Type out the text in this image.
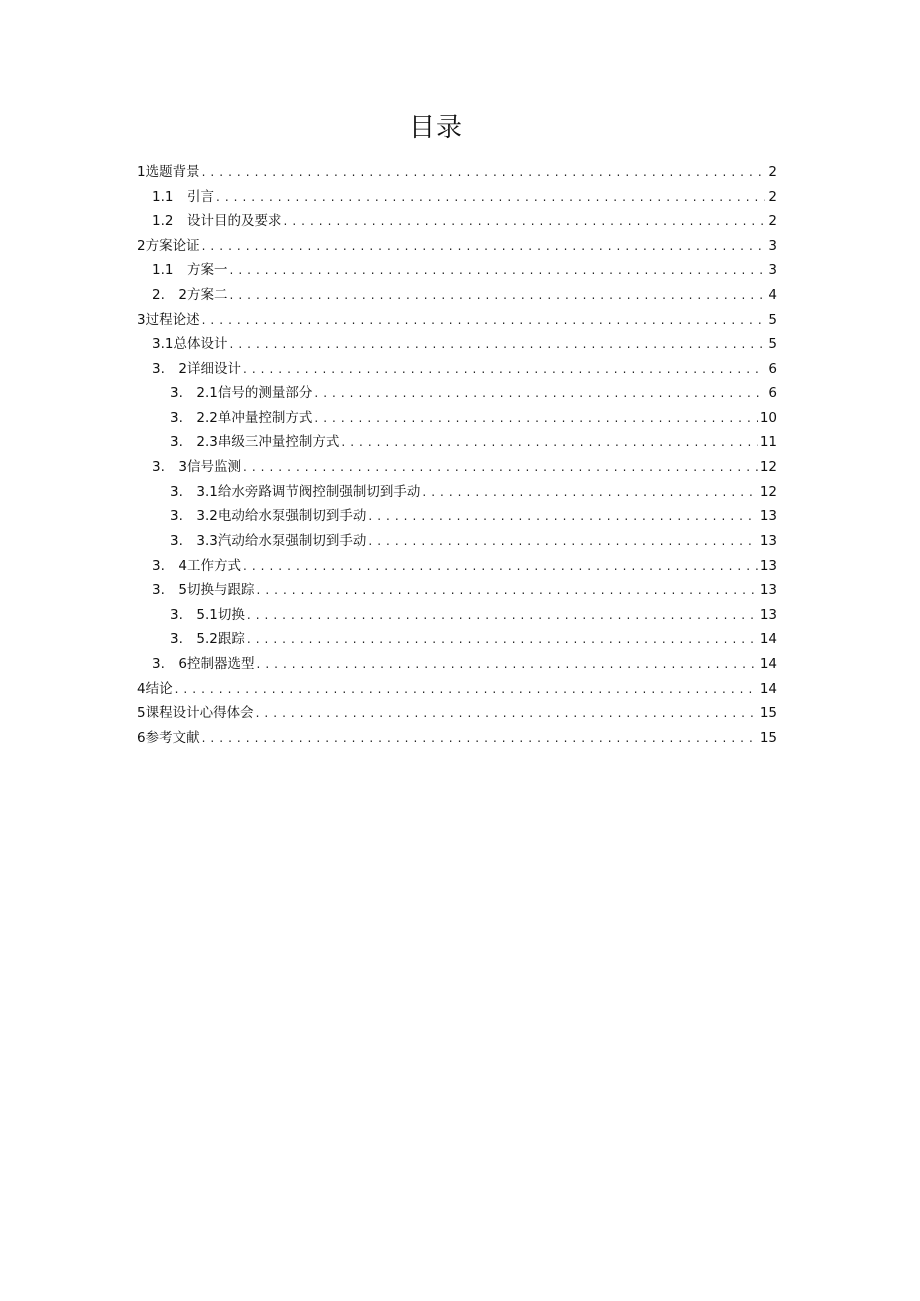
目录
1 选题背景 . . .	2
1.1　 引言 . . .	2
1.2　 设计目的及要求 . . .	2
2 方案论证 . . .	3
1.1　 方案一 . . .	3
2.　2 方案二 . . .	4
3 过程论述 . . .	5
3.1 总体设计 . . .	5
3.　2 详细设计 . . .	6
3.　2.1 信号的测量部分 . . .	6
3.　2.2 单冲量控制方式 . . .	10
3.　2.3 串级三冲量控制方式 . . .	11
3.　3 信号监测 . . .	12
3.　3.1 给水旁路调节阀控制强制切到手动 . . .	12
3.　3.2 电动给水泵强制切到手动 . . .	13
3.　3.3 汽动给水泵强制切到手动 . . .	13
3.　4 工作方式 . . .	13
3.　5 切换与跟踪 . . .	13
3.　5.1 切换 . . .	13
3.　5.2 跟踪 . . .	14
3.　6 控制器选型 . . .	14
4 结论 . . .	14
5 课程设计心得体会 . . .	15
6 参考文献 . . .	15
